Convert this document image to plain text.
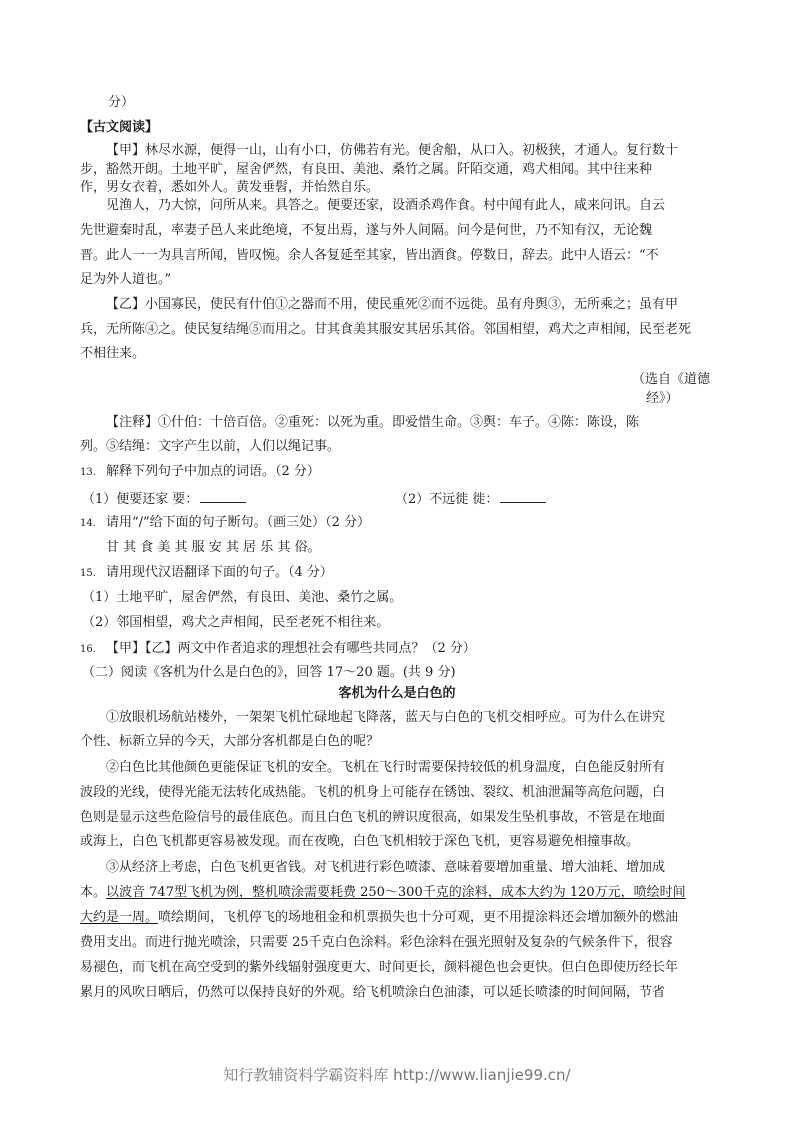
分）
【古文阅读】
【甲】林尽水源，便得一山，山有小口，仿佛若有光。便舍船，从口入。初极狭，才通人。复行数十
步，豁然开朗。土地平旷，屋舍俨然，有良田、美池、桑竹之属。阡陌交通，鸡犬相闻。其中往来种
作，男女衣着，悉如外人。黄发垂髫，并怡然自乐。
见渔人，乃大惊，问所从来。具答之。便要还家，设酒杀鸡作食。村中闻有此人，咸来问讯。自云
先世避秦时乱，率妻子邑人来此绝境，不复出焉，遂与外人间隔。问今是何世，乃不知有汉，无论魏
晋。此人一一为具言所闻，皆叹惋。余人各复延至其家，皆出酒食。停数日，辞去。此中人语云：“不
足为外人道也。”
【乙】小国寡民，使民有什伯①之器而不用，使民重死②而不远徙。虽有舟舆③，无所乘之；虽有甲
兵，无所陈④之。使民复结绳⑤而用之。甘其食美其服安其居乐其俗。邻国相望，鸡犬之声相闻，民至老死
不相往来。
（选自《道德
经》）
【注释】①什伯：十倍百倍。②重死：以死为重。即爱惜生命。③舆：车子。④陈：陈设，陈
列。⑤结绳：文字产生以前，人们以绳记事。
13. 解释下列句子中加点的词语。（2 分）
（1）便要还家 要：	（2）不远徙 徙：
14. 请用“/”给下面的句子断句。（画三处）（2 分）
甘 其 食 美 其 服 安 其 居 乐 其 俗。
15. 请用现代汉语翻译下面的句子。（4 分）
（1）土地平旷，屋舍俨然，有良田、美池、桑竹之属。
（2）邻国相望，鸡犬之声相闻，民至老死不相往来。
16. 【甲】【乙】两文中作者追求的理想社会有哪些共同点？（2 分）
（二）阅读《客机为什么是白色的》，回答 17～20 题。(共 9 分)
客机为什么是白色的
①放眼机场航站楼外，一架架飞机忙碌地起飞降落，蓝天与白色的飞机交相呼应。可为什么在讲究
个性、标新立异的今天，大部分客机都是白色的呢？
②白色比其他颜色更能保证飞机的安全。飞机在飞行时需要保持较低的机身温度，白色能反射所有
波段的光线，使得光能无法转化成热能。飞机的机身上可能存在锈蚀、裂纹、机油泄漏等高危问题，白
色则是显示这些危险信号的最佳底色。而且白色飞机的辨识度很高，如果发生坠机事故，不管是在地面
或海上，白色飞机都更容易被发现。而在夜晚，白色飞机相较于深色飞机，更容易避免相撞事故。
③从经济上考虑，白色飞机更省钱。对飞机进行彩色喷漆、意味着要增加重量、增大油耗、增加成
本。以波音 747型飞机为例，整机喷涂需要耗费 250～300千克的涂料，成本大约为 120万元，喷绘时间
大约是一周。喷绘期间，飞机停飞的场地租金和机票损失也十分可观，更不用提涂料还会增加额外的燃油
费用支出。而进行抛光喷涂，只需要 25千克白色涂料。彩色涂料在强光照射及复杂的气候条件下，很容
易褪色，而飞机在高空受到的紫外线辐射强度更大、时间更长，颜料褪色也会更快。但白色即使历经长年
累月的风吹日晒后，仍然可以保持良好的外观。给飞机喷涂白色油漆，可以延长喷漆的时间间隔，节省
知行教辅资料学霸资料库 http://www.lianjie99.cn/
